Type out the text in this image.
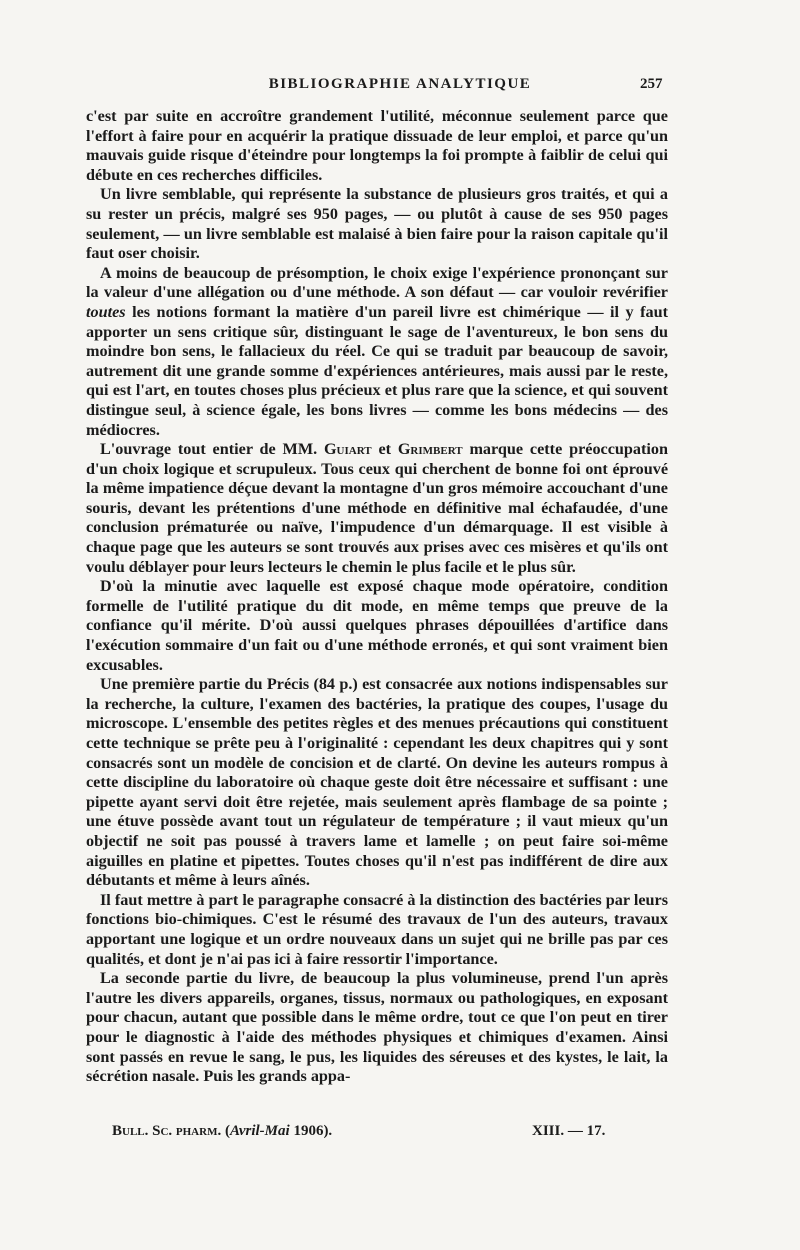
BIBLIOGRAPHIE ANALYTIQUE	257

c'est par suite en accroître grandement l'utilité, méconnue seulement parce que l'effort à faire pour en acquérir la pratique dissuade de leur emploi, et parce qu'un mauvais guide risque d'éteindre pour longtemps la foi prompte à faiblir de celui qui débute en ces recherches difficiles.

Un livre semblable, qui représente la substance de plusieurs gros traités, et qui a su rester un précis, malgré ses 950 pages, — ou plutôt à cause de ses 950 pages seulement, — un livre semblable est malaisé à bien faire pour la raison capitale qu'il faut oser choisir.

A moins de beaucoup de présomption, le choix exige l'expérience prononçant sur la valeur d'une allégation ou d'une méthode. A son défaut — car vouloir revérifier toutes les notions formant la matière d'un pareil livre est chimérique — il y faut apporter un sens critique sûr, distinguant le sage de l'aventureux, le bon sens du moindre bon sens, le fallacieux du réel. Ce qui se traduit par beaucoup de savoir, autrement dit une grande somme d'expériences antérieures, mais aussi par le reste, qui est l'art, en toutes choses plus précieux et plus rare que la science, et qui souvent distingue seul, à science égale, les bons livres — comme les bons médecins — des médiocres.

L'ouvrage tout entier de MM. Guiart et Grimbert marque cette préoccupation d'un choix logique et scrupuleux. Tous ceux qui cherchent de bonne foi ont éprouvé la même impatience déçue devant la montagne d'un gros mémoire accouchant d'une souris, devant les prétentions d'une méthode en définitive mal échafaudée, d'une conclusion prématurée ou naïve, l'impudence d'un démarquage. Il est visible à chaque page que les auteurs se sont trouvés aux prises avec ces misères et qu'ils ont voulu déblayer pour leurs lecteurs le chemin le plus facile et le plus sûr.

D'où la minutie avec laquelle est exposé chaque mode opératoire, condition formelle de l'utilité pratique du dit mode, en même temps que preuve de la confiance qu'il mérite. D'où aussi quelques phrases dépouillées d'artifice dans l'exécution sommaire d'un fait ou d'une méthode erronés, et qui sont vraiment bien excusables.

Une première partie du Précis (84 p.) est consacrée aux notions indispensables sur la recherche, la culture, l'examen des bactéries, la pratique des coupes, l'usage du microscope. L'ensemble des petites règles et des menues précautions qui constituent cette technique se prête peu à l'originalité : cependant les deux chapitres qui y sont consacrés sont un modèle de concision et de clarté. On devine les auteurs rompus à cette discipline du laboratoire où chaque geste doit être nécessaire et suffisant : une pipette ayant servi doit être rejetée, mais seulement après flambage de sa pointe ; une étuve possède avant tout un régulateur de température ; il vaut mieux qu'un objectif ne soit pas poussé à travers lame et lamelle ; on peut faire soi-même aiguilles en platine et pipettes. Toutes choses qu'il n'est pas indifférent de dire aux débutants et même à leurs aînés.

Il faut mettre à part le paragraphe consacré à la distinction des bactéries par leurs fonctions bio-chimiques. C'est le résumé des travaux de l'un des auteurs, travaux apportant une logique et un ordre nouveaux dans un sujet qui ne brille pas par ces qualités, et dont je n'ai pas ici à faire ressortir l'importance.

La seconde partie du livre, de beaucoup la plus volumineuse, prend l'un après l'autre les divers appareils, organes, tissus, normaux ou pathologiques, en exposant pour chacun, autant que possible dans le même ordre, tout ce que l'on peut en tirer pour le diagnostic à l'aide des méthodes physiques et chimiques d'examen. Ainsi sont passés en revue le sang, le pus, les liquides des séreuses et des kystes, le lait, la sécrétion nasale. Puis les grands appa-

Bull. Sc. pharm. (Avril-Mai 1906).	XIII. — 17.
